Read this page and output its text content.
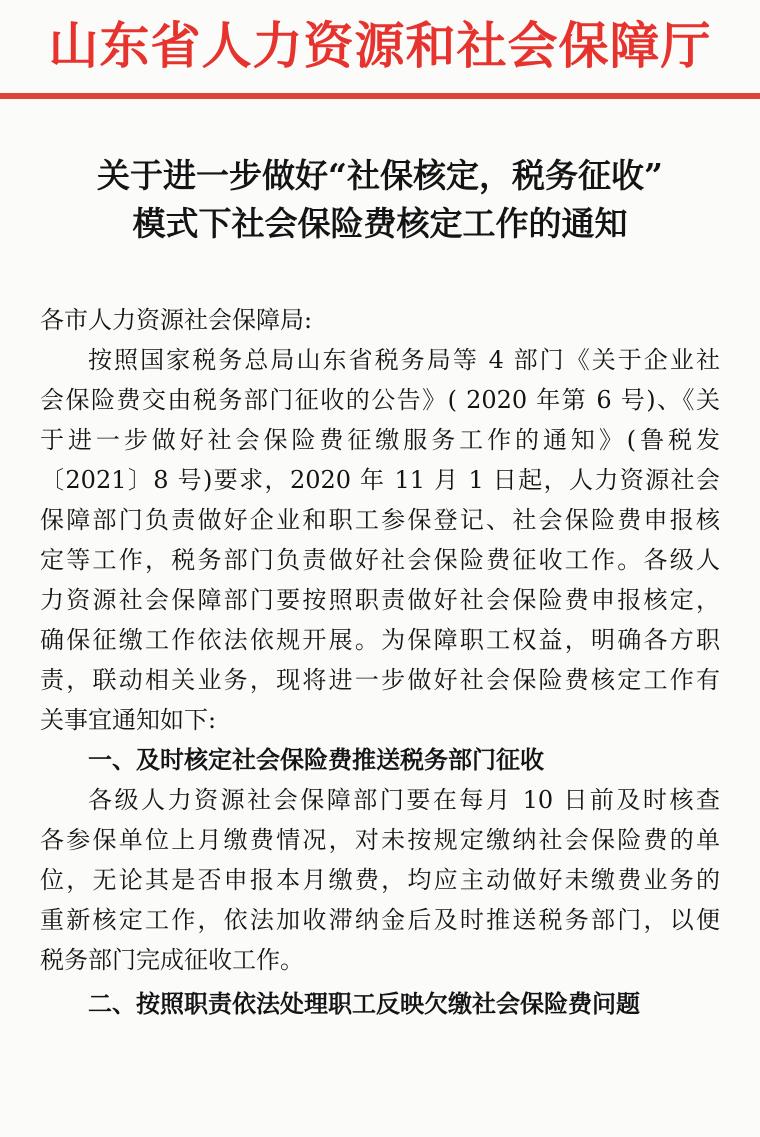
山东省人力资源和社会保障厅
关于进一步做好“社保核定，税务征收”
模式下社会保险费核定工作的通知

各市人力资源社会保障局:

按照国家税务总局山东省税务局等 4 部门《关于企业社
会保险费交由税务部门征收的公告》( 2020 年第 6 号)、《关
于进一步做好社会保险费征缴服务工作的通知》(鲁税发
〔2021〕8 号)要求，2020 年 11 月 1 日起，人力资源社会
保障部门负责做好企业和职工参保登记、社会保险费申报核
定等工作，税务部门负责做好社会保险费征收工作。各级人
力资源社会保障部门要按照职责做好社会保险费申报核定，
确保征缴工作依法依规开展。为保障职工权益，明确各方职
责，联动相关业务，现将进一步做好社会保险费核定工作有
关事宜通知如下:

一、及时核定社会保险费推送税务部门征收

各级人力资源社会保障部门要在每月 10 日前及时核查
各参保单位上月缴费情况，对未按规定缴纳社会保险费的单
位，无论其是否申报本月缴费，均应主动做好未缴费业务的
重新核定工作，依法加收滞纳金后及时推送税务部门，以便
税务部门完成征收工作。

二、按照职责依法处理职工反映欠缴社会保险费问题
